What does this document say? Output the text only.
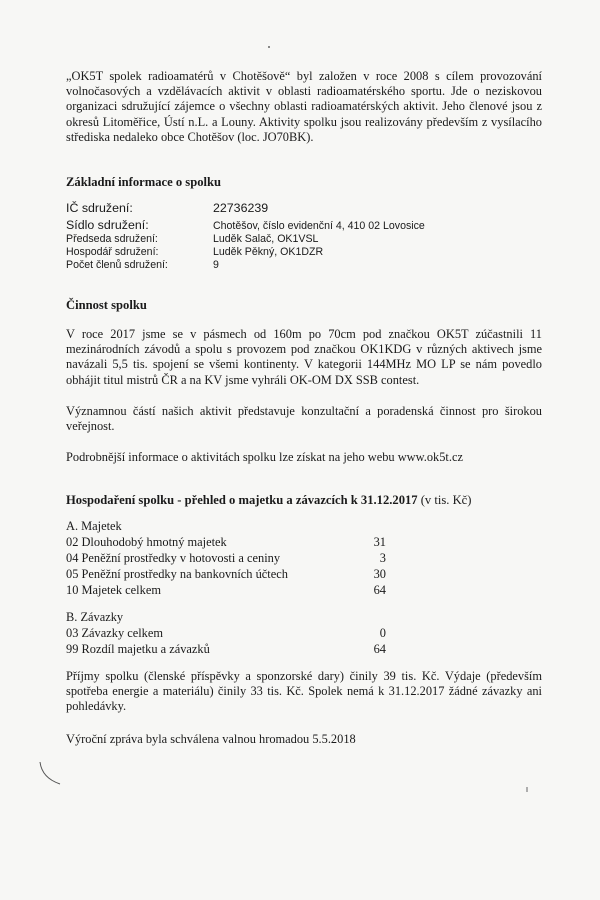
„OK5T spolek radioamatérů v Chotěšově“ byl založen v roce 2008 s cílem provozování volnočasových a vzdělávacích aktivit v oblasti radioamatérského sportu. Jde o neziskovou organizaci sdružující zájemce o všechny oblasti radioamatérských aktivit. Jeho členové jsou z okresů Litoměřice, Ústí n.L. a Louny. Aktivity spolku jsou realizovány především z vysílacího střediska nedaleko obce Chotěšov (loc. JO70BK).

Základní informace o spolku

IČ sdružení:	22736239
Sídlo sdružení:	Chotěšov, číslo evidenční 4, 410 02 Lovosice
Předseda sdružení:	Luděk Salač, OK1VSL
Hospodář sdružení:	Luděk Pěkný, OK1DZR
Počet členů sdružení:	9

Činnost spolku

V roce 2017 jsme se v pásmech od 160m po 70cm pod značkou OK5T zúčastnili 11 mezinárodních závodů a spolu s provozem pod značkou OK1KDG v různých aktivech jsme navázali 5,5 tis. spojení se všemi kontinenty. V kategorii 144MHz MO LP se nám povedlo obhájit titul mistrů ČR a na KV jsme vyhráli OK-OM DX SSB contest.

Významnou částí našich aktivit představuje konzultační a poradenská činnost pro širokou veřejnost.

Podrobnější informace o aktivitách spolku lze získat na jeho webu www.ok5t.cz

Hospodaření spolku - přehled o majetku a závazcích k 31.12.2017 (v tis. Kč)

A. Majetek
02 Dlouhodobý hmotný majetek	31
04 Peněžní prostředky v hotovosti a ceniny	3
05 Peněžní prostředky na bankovních účtech	30
10 Majetek celkem	64
B. Závazky
03 Závazky celkem	0
99 Rozdíl majetku a závazků	64

Příjmy spolku (členské příspěvky a sponzorské dary) činily 39 tis. Kč. Výdaje (především spotřeba energie a materiálu) činily 33 tis. Kč. Spolek nemá k 31.12.2017 žádné závazky ani pohledávky.

Výroční zpráva byla schválena valnou hromadou 5.5.2018
